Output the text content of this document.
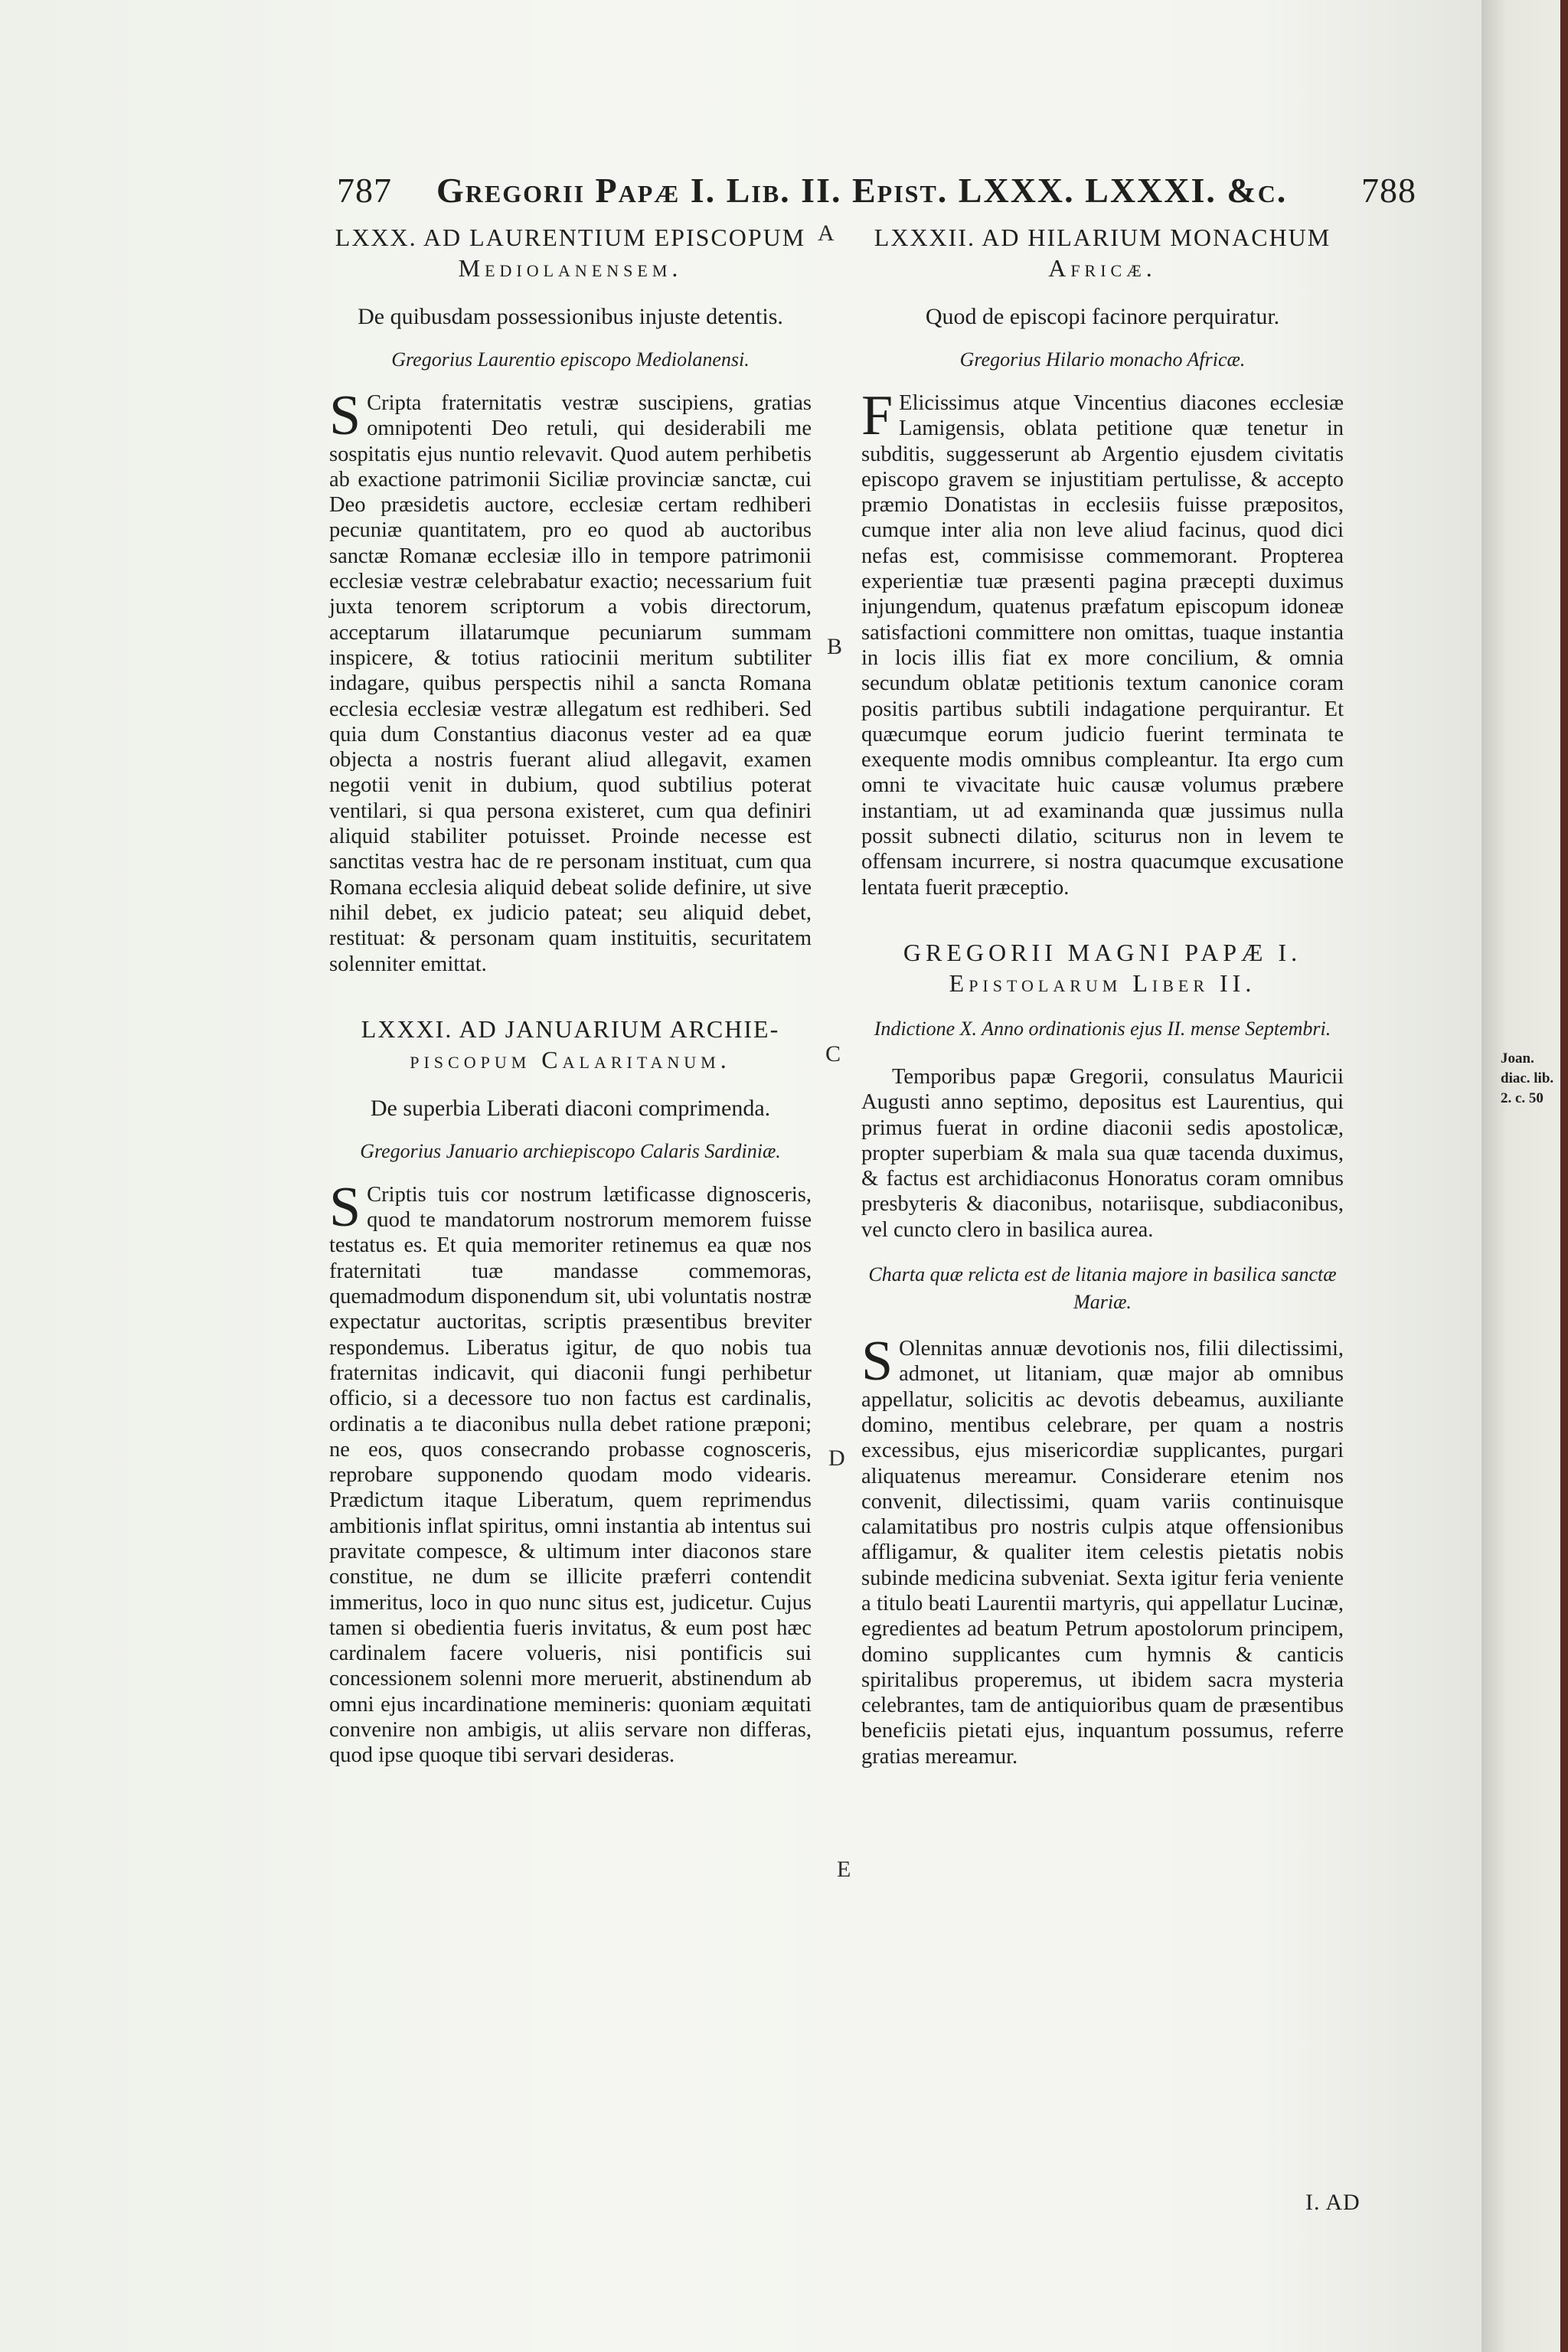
787 Gregorii Papæ I. Lib. II. Epist. LXXX. LXXXI. &c.	788
A
B
C
D
E
Joan. diac. lib. 2. c. 50

LXXX. AD LAURENTIUM EPISCOPUM
Mediolanensem.

De quibusdam possessionibus injuste detentis.

Gregorius Laurentio episcopo Mediolanensi.

S Cripta fraternitatis vestræ suscipiens, gratias omnipotenti Deo retuli, qui desiderabili me sospitatis ejus nuntio relevavit. Quod autem perhibetis ab exactione patrimonii Siciliæ provinciæ sanctæ, cui Deo præsidetis auctore, ecclesiæ certam redhiberi pecuniæ quantitatem, pro eo quod ab auctoribus sanctæ Romanæ ecclesiæ illo in tempore patrimonii ecclesiæ vestræ celebrabatur exactio; necessarium fuit juxta tenorem scriptorum a vobis directorum, acceptarum illatarumque pecuniarum summam inspicere, & totius ratiocinii meritum subtiliter indagare, quibus perspectis nihil a sancta Romana ecclesia ecclesiæ vestræ allegatum est redhiberi. Sed quia dum Constantius diaconus vester ad ea quæ objecta a nostris fuerant aliud allegavit, examen negotii venit in dubium, quod subtilius poterat ventilari, si qua persona existeret, cum qua definiri aliquid stabiliter potuisset. Proinde necesse est sanctitas vestra hac de re personam instituat, cum qua Romana ecclesia aliquid debeat solide definire, ut sive nihil debet, ex judicio pateat; seu aliquid debet, restituat: & personam quam instituitis, securitatem solenniter emittat.

LXXXI. AD JANUARIUM ARCHIE-
piscopum Calaritanum.

De superbia Liberati diaconi comprimenda.

Gregorius Januario archiepiscopo Calaris Sardiniæ.

S Criptis tuis cor nostrum lætificasse dignosceris, quod te mandatorum nostrorum memorem fuisse testatus es. Et quia memoriter retinemus ea quæ nos fraternitati tuæ mandasse commemoras, quemadmodum disponendum sit, ubi voluntatis nostræ expectatur auctoritas, scriptis præsentibus breviter respondemus. Liberatus igitur, de quo nobis tua fraternitas indicavit, qui diaconii fungi perhibetur officio, si a decessore tuo non factus est cardinalis, ordinatis a te diaconibus nulla debet ratione præponi; ne eos, quos consecrando probasse cognosceris, reprobare supponendo quodam modo videaris. Prædictum itaque Liberatum, quem reprimendus ambitionis inflat spiritus, omni instantia ab intentus sui pravitate compesce, & ultimum inter diaconos stare constitue, ne dum se illicite præferri contendit immeritus, loco in quo nunc situs est, judicetur. Cujus tamen si obedientia fueris invitatus, & eum post hæc cardinalem facere volueris, nisi pontificis sui concessionem solenni more meruerit, abstinendum ab omni ejus incardinatione memineris: quoniam æquitati convenire non ambigis, ut aliis servare non differas, quod ipse quoque tibi servari desideras.

LXXXII. AD HILARIUM MONACHUM
Africæ.

Quod de episcopi facinore perquiratur.

Gregorius Hilario monacho Africæ.

F Elicissimus atque Vincentius diacones ecclesiæ Lamigensis, oblata petitione quæ tenetur in subditis, suggesserunt ab Argentio ejusdem civitatis episcopo gravem se injustitiam pertulisse, & accepto præmio Donatistas in ecclesiis fuisse præpositos, cumque inter alia non leve aliud facinus, quod dici nefas est, commisisse commemorant. Propterea experientiæ tuæ præsenti pagina præcepti duximus injungendum, quatenus præfatum episcopum idoneæ satisfactioni committere non omittas, tuaque instantia in locis illis fiat ex more concilium, & omnia secundum oblatæ petitionis textum canonice coram positis partibus subtili indagatione perquirantur. Et quæcumque eorum judicio fuerint terminata te exequente modis omnibus compleantur. Ita ergo cum omni te vivacitate huic causæ volumus præbere instantiam, ut ad examinanda quæ jussimus nulla possit subnecti dilatio, sciturus non in levem te offensam incurrere, si nostra quacumque excusatione lentata fuerit præceptio.

GREGORII MAGNI PAPÆ I.
Epistolarum Liber II.

Indictione X. Anno ordinationis ejus II. mense Septembri.

Temporibus papæ Gregorii, consulatus Mauricii Augusti anno septimo, depositus est Laurentius, qui primus fuerat in ordine diaconii sedis apostolicæ, propter superbiam & mala sua quæ tacenda duximus, & factus est archidiaconus Honoratus coram omnibus presbyteris & diaconibus, notariisque, subdiaconibus, vel cuncto clero in basilica aurea.

Charta quæ relicta est de litania majore in basilica sanctæ Mariæ.

S Olennitas annuæ devotionis nos, filii dilectissimi, admonet, ut litaniam, quæ major ab omnibus appellatur, solicitis ac devotis debeamus, auxiliante domino, mentibus celebrare, per quam a nostris excessibus, ejus misericordiæ supplicantes, purgari aliquatenus mereamur. Considerare etenim nos convenit, dilectissimi, quam variis continuisque calamitatibus pro nostris culpis atque offensionibus affligamur, & qualiter item celestis pietatis nobis subinde medicina subveniat. Sexta igitur feria veniente a titulo beati Laurentii martyris, qui appellatur Lucinæ, egredientes ad beatum Petrum apostolorum principem, domino supplicantes cum hymnis & canticis spiritalibus properemus, ut ibidem sacra mysteria celebrantes, tam de antiquioribus quam de præsentibus beneficiis pietati ejus, inquantum possumus, referre gratias mereamur.

I. AD
